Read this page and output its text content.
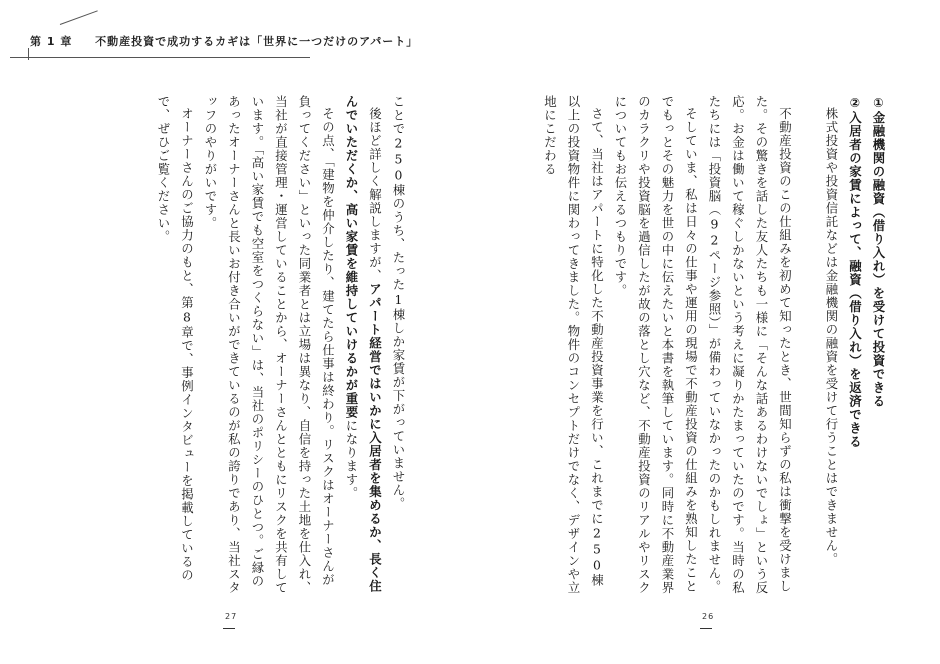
第 1 章 不動産投資で成功するカギは「世界に一つだけのアパート」

①金融機関の融資（借り入れ）を受けて投資できる

②入居者の家賃によって、融資（借り入れ）を返済できる

株式投資や投資信託などは金融機関の融資を受けて行うことはできません。

不動産投資のこの仕組みを初めて知ったとき、世間知らずの私は衝撃を受けました。その驚きを話した友人たちも一様に「そんな話あるわけないでしょ」という反応。お金は働いて稼ぐしかないという考えに凝りかたまっていたのです。当時の私たちには「投資脳（92ページ参照）」が備わっていなかったのかもしれません。

そしていま、私は日々の仕事や運用の現場で不動産投資の仕組みを熟知したことでもっとその魅力を世の中に伝えたいと本書を執筆しています。同時に不動産業界のカラクリや投資脳を過信したが故の落とし穴など、不動産投資のリアルやリスクについてもお伝えるつもりです。

さて、当社はアパートに特化した不動産投資事業を行い、これまでに250棟以上の投資物件に関わってきました。物件のコンセプトだけでなく、デザインや立地にこだわる

ことで250棟のうち、たった1棟しか家賃が下がっていません。

後ほど詳しく解説しますが、アパート経営ではいかに入居者を集めるか、長く住んでいただくか、高い家賃を維持していけるかが重要になります。

その点、「建物を仲介したり、建てたら仕事は終わり。リスクはオーナーさんが負ってください」といった同業者とは立場は異なり、自信を持った土地を仕入れ、当社が直接管理・運営していることから、オーナーさんとともにリスクを共有しています。「高い家賃でも空室をつくらない」は、当社のポリシーのひとつ。ご縁のあったオーナーさんと長いお付き合いができているのが私の誇りであり、当社スタッフのやりがいです。

オーナーさんのご協力のもと、第8章で、事例インタビューを掲載しているので、ぜひご覧ください。

27	26
